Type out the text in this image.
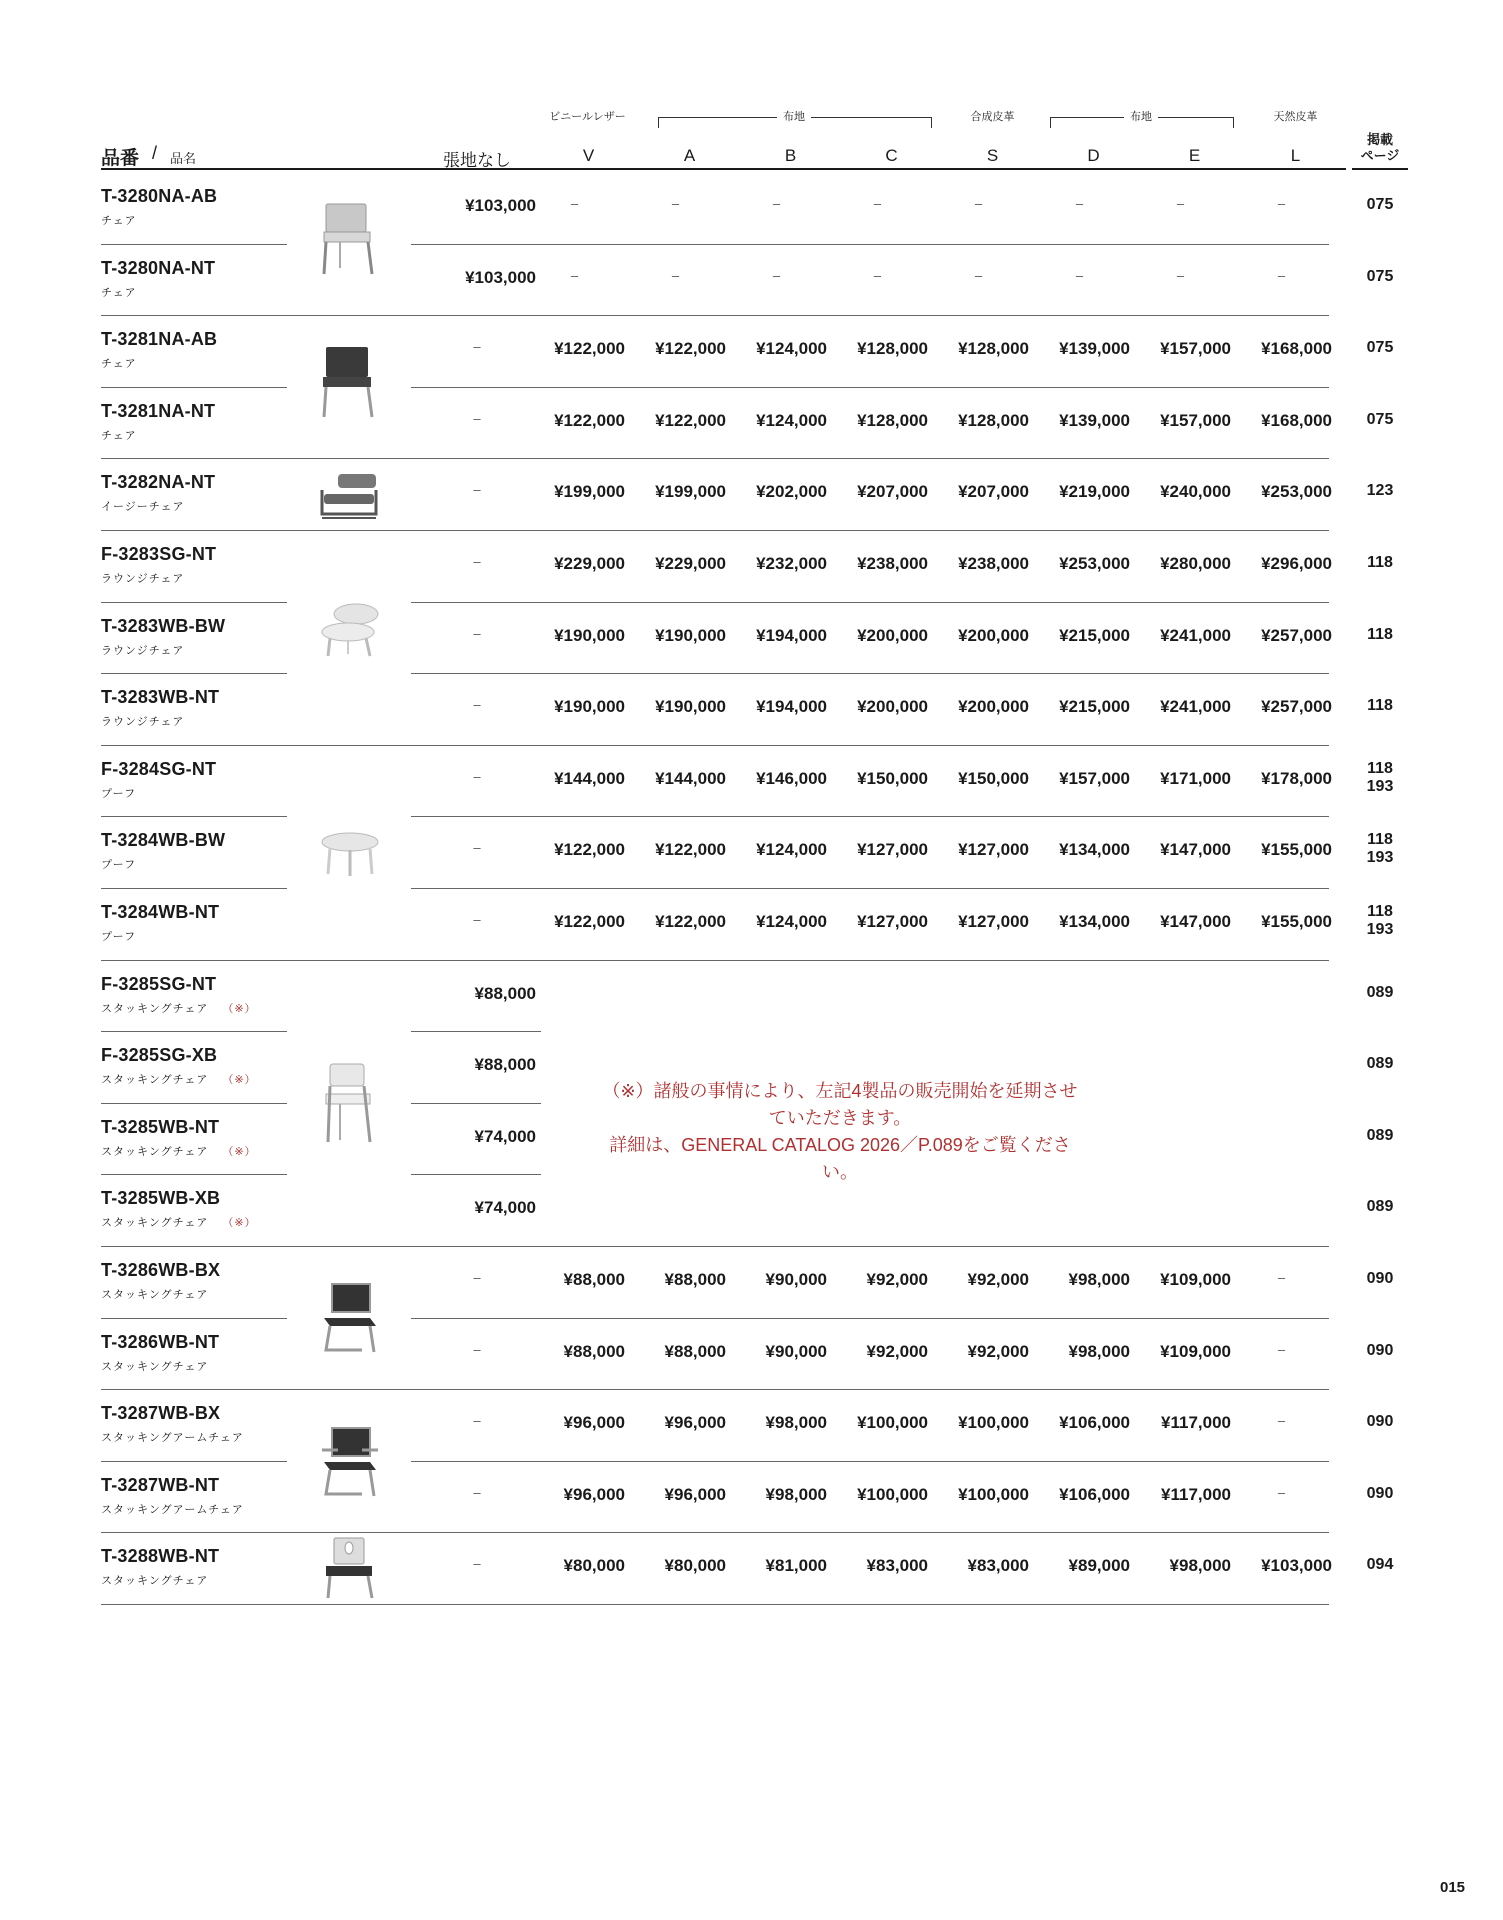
ビニールレザー	布地	合成皮革	布地	天然皮革
品番 / 品名	張地なし	V	A	B	C	S	D	E	L
掲載
ページ
T-3280NA-AB
チェア
¥103,000	–	–	–	–	–	–	–	–	075
T-3280NA-NT
チェア
¥103,000	–	–	–	–	–	–	–	–	075
T-3281NA-AB
チェア
–	¥122,000	¥122,000	¥124,000	¥128,000	¥128,000	¥139,000	¥157,000	¥168,000	075
T-3281NA-NT
チェア
–	¥122,000	¥122,000	¥124,000	¥128,000	¥128,000	¥139,000	¥157,000	¥168,000	075
T-3282NA-NT
イージーチェア
–	¥199,000	¥199,000	¥202,000	¥207,000	¥207,000	¥219,000	¥240,000	¥253,000	123
F-3283SG-NT
ラウンジチェア
–	¥229,000	¥229,000	¥232,000	¥238,000	¥238,000	¥253,000	¥280,000	¥296,000	118
T-3283WB-BW
ラウンジチェア
–	¥190,000	¥190,000	¥194,000	¥200,000	¥200,000	¥215,000	¥241,000	¥257,000	118
T-3283WB-NT
ラウンジチェア
–	¥190,000	¥190,000	¥194,000	¥200,000	¥200,000	¥215,000	¥241,000	¥257,000	118
F-3284SG-NT
プーフ
–	¥144,000	¥144,000	¥146,000	¥150,000	¥150,000	¥157,000	¥171,000	¥178,000
118
193
T-3284WB-BW
プーフ
–	¥122,000	¥122,000	¥124,000	¥127,000	¥127,000	¥134,000	¥147,000	¥155,000
118
193
T-3284WB-NT
プーフ
–	¥122,000	¥122,000	¥124,000	¥127,000	¥127,000	¥134,000	¥147,000	¥155,000
118
193
F-3285SG-NT
スタッキングチェア （※）
¥88,000	089
F-3285SG-XB
スタッキングチェア （※）
¥88,000	089
T-3285WB-NT
スタッキングチェア （※）
¥74,000	089
T-3285WB-XB
スタッキングチェア （※）
¥74,000	089
T-3286WB-BX
スタッキングチェア
–	¥88,000	¥88,000	¥90,000	¥92,000	¥92,000	¥98,000	¥109,000	–	090
T-3286WB-NT
スタッキングチェア
–	¥88,000	¥88,000	¥90,000	¥92,000	¥92,000	¥98,000	¥109,000	–	090
T-3287WB-BX
スタッキングアームチェア
–	¥96,000	¥96,000	¥98,000	¥100,000	¥100,000	¥106,000	¥117,000	–	090
T-3287WB-NT
スタッキングアームチェア
–	¥96,000	¥96,000	¥98,000	¥100,000	¥100,000	¥106,000	¥117,000	–	090
T-3288WB-NT
スタッキングチェア
–	¥80,000	¥80,000	¥81,000	¥83,000	¥83,000	¥89,000	¥98,000	¥103,000	094
（※）諸般の事情により、左記4製品の販売開始を延期させていただきます。
詳細は、GENERAL CATALOG 2026／P.089をご覧ください。
015
